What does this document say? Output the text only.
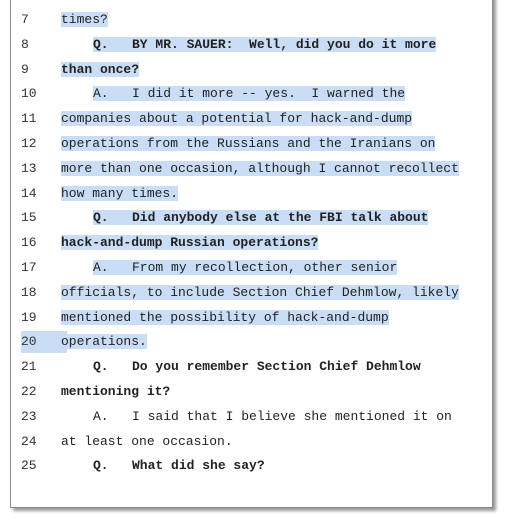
7	times?
8	Q.   BY MR. SAUER:  Well, did you do it more
9	than once?
10	A.   I did it more -- yes.  I warned the
11	companies about a potential for hack-and-dump
12	operations from the Russians and the Iranians on
13	more than one occasion, although I cannot recollect
14	how many times.
15	Q.   Did anybody else at the FBI talk about
16	hack-and-dump Russian operations?
17	A.   From my recollection, other senior
18	officials, to include Section Chief Dehmlow, likely
19	mentioned the possibility of hack-and-dump
20	operations.
21	Q.   Do you remember Section Chief Dehmlow
22	mentioning it?
23	A.   I said that I believe she mentioned it on
24	at least one occasion.
25	Q.   What did she say?
